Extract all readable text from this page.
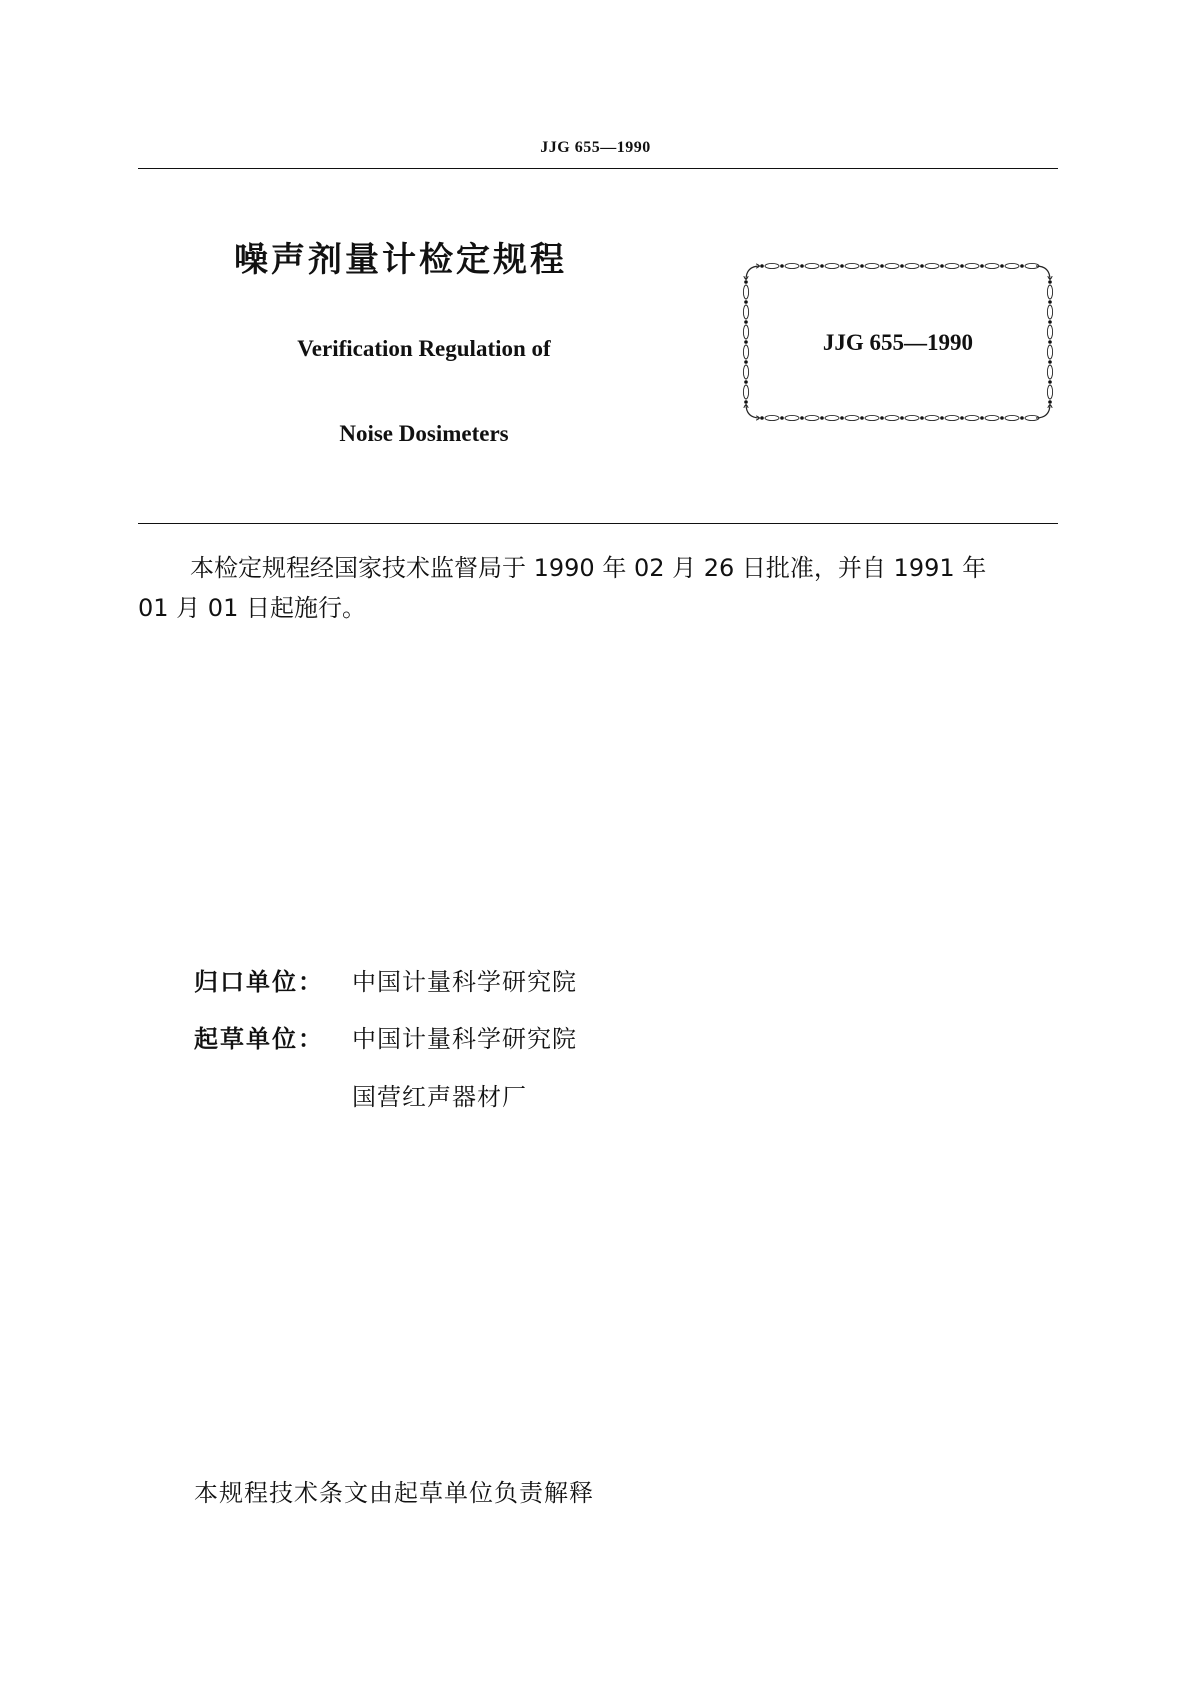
JJG 655—1990
噪声剂量计检定规程
Verification Regulation of
Noise Dosimeters
JJG 655—1990
本检定规程经国家技术监督局于 1990 年 02 月 26 日批准，并自 1991 年
01 月 01 日起施行。
归口单位： 中国计量科学研究院
起草单位： 中国计量科学研究院
国营红声器材厂
本规程技术条文由起草单位负责解释
